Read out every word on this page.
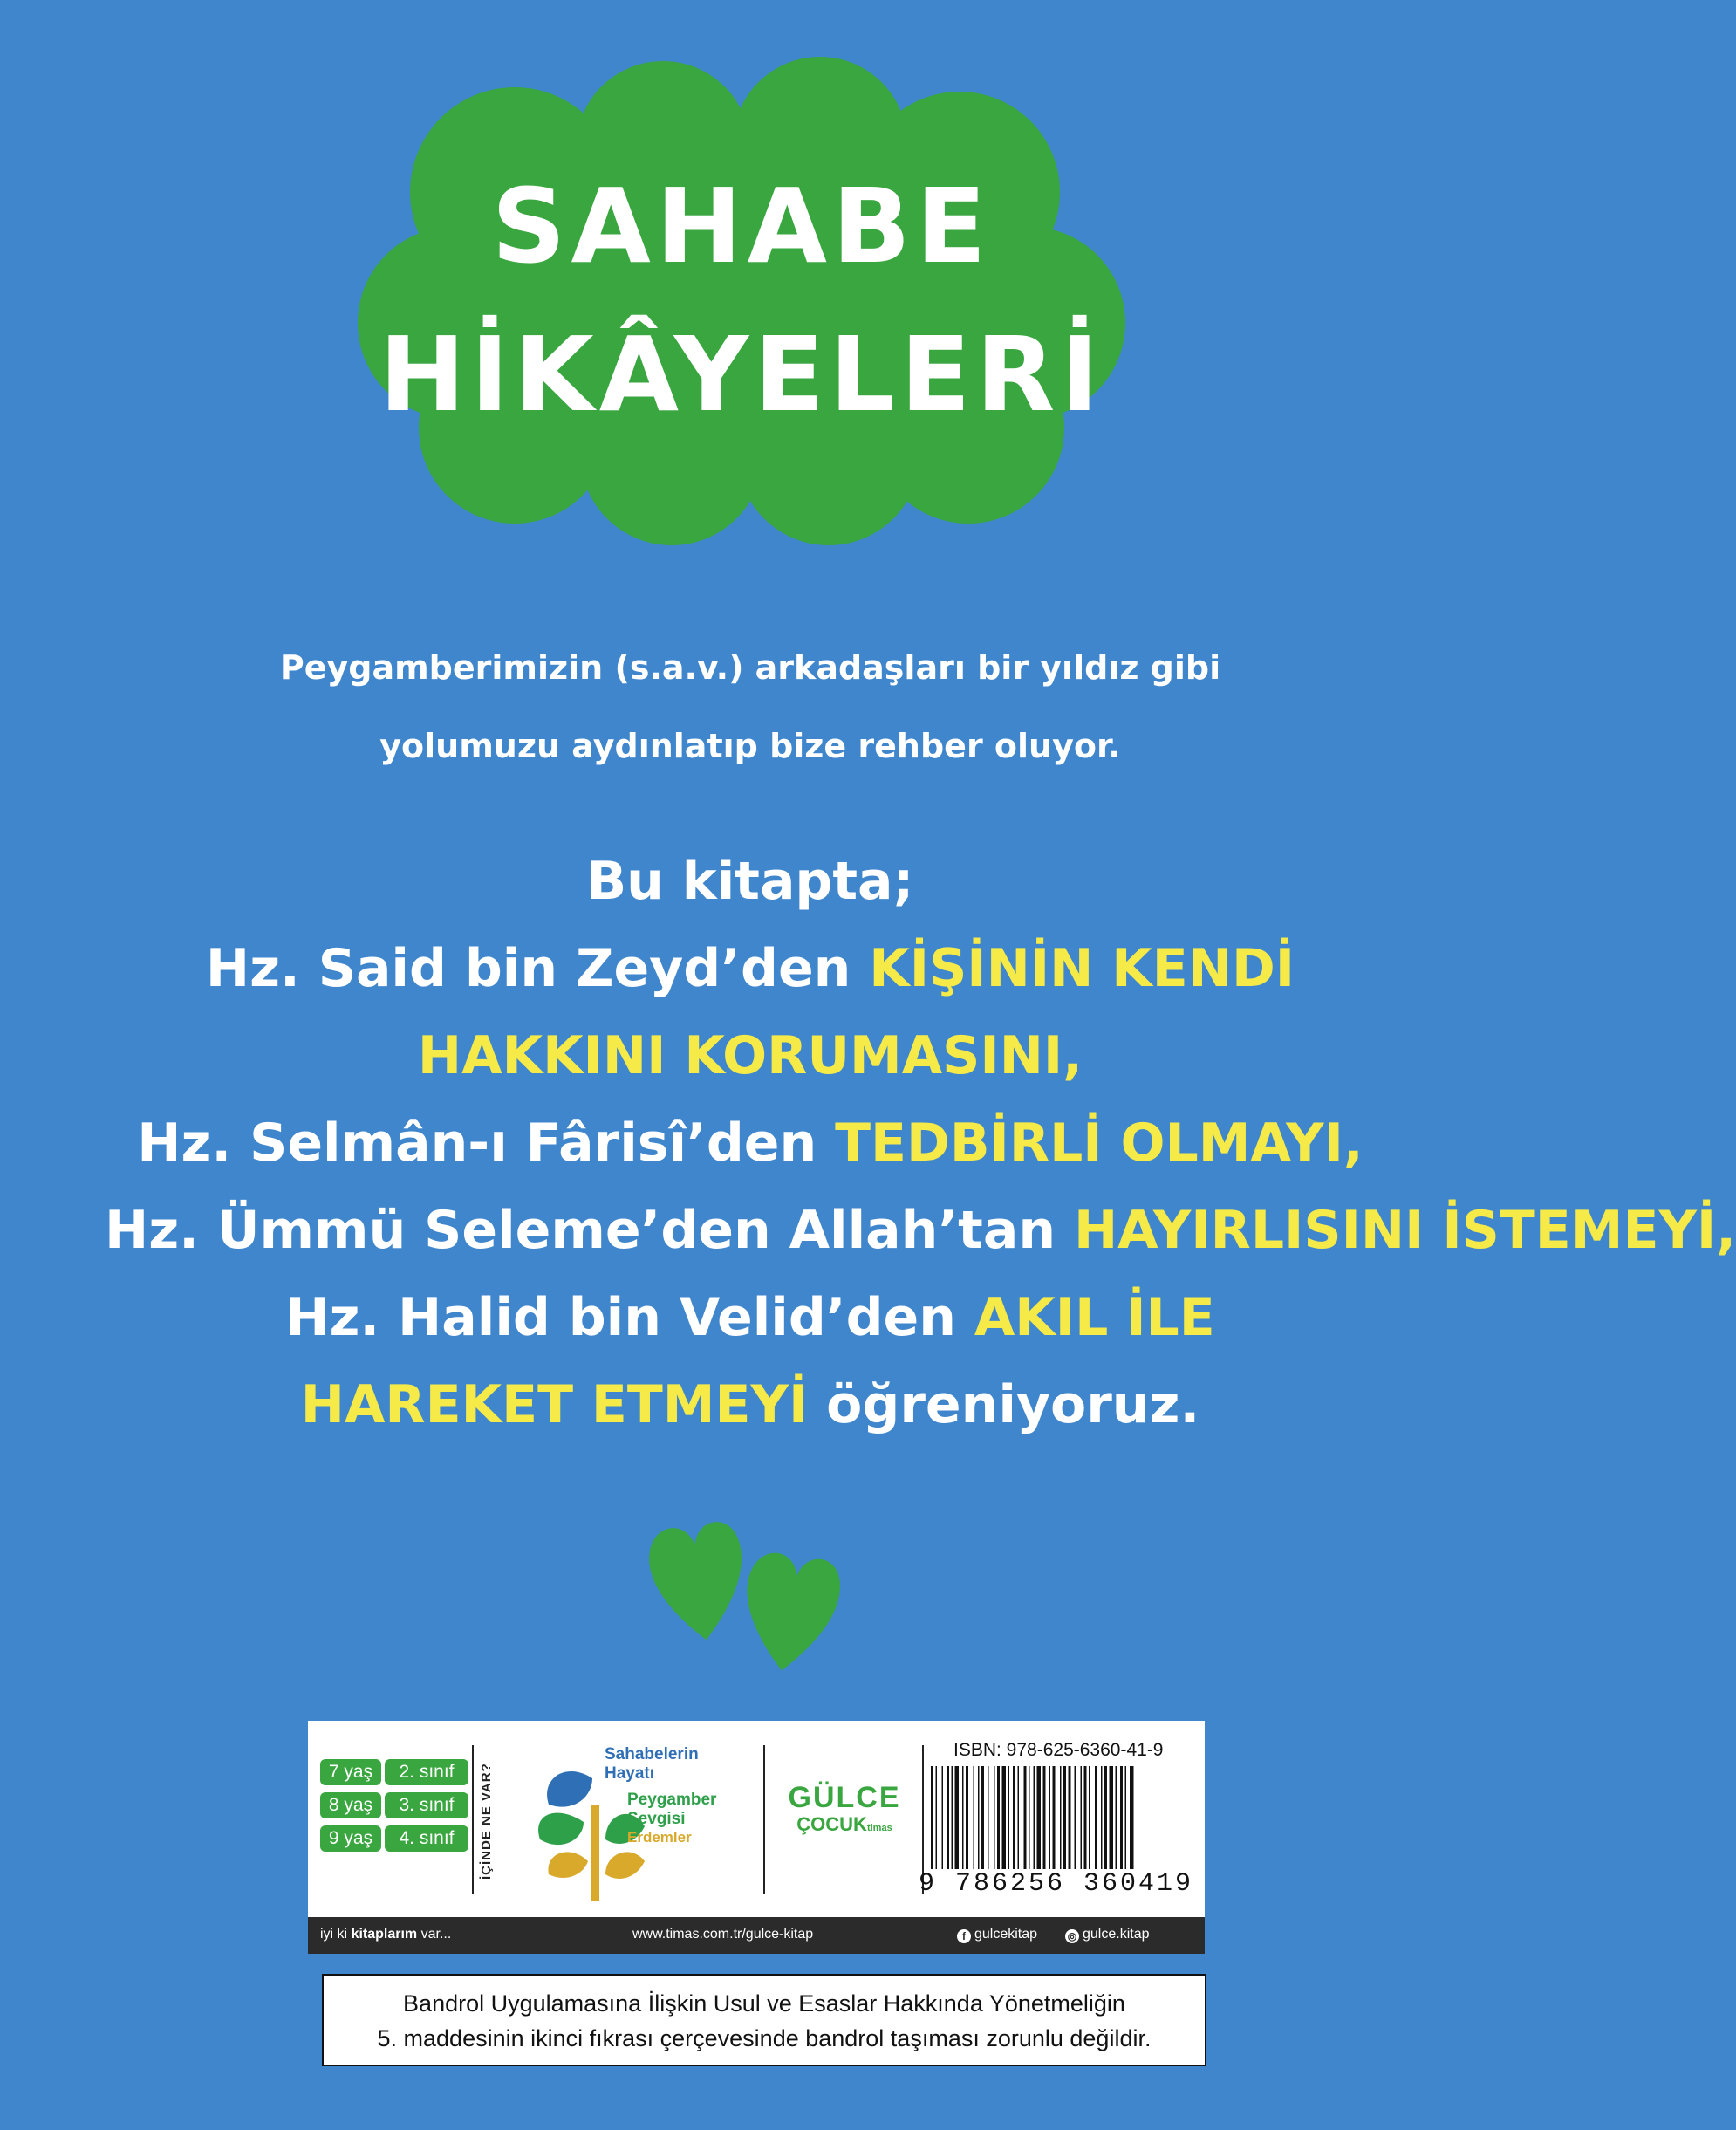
SAHABE
HİKÂYELERİ
Peygamberimizin (s.a.v.) arkadaşları bir yıldız gibi
yolumuzu aydınlatıp bize rehber oluyor.
Bu kitapta;
Hz. Said bin Zeyd’den KİŞİNİN KENDİ
HAKKINI KORUMASINI,
Hz. Selmân-ı Fârisî’den TEDBİRLİ OLMAYI,
Hz. Ümmü Seleme’den Allah’tan HAYIRLISINI İSTEMEYİ,
Hz. Halid bin Velid’den AKIL İLE
HAREKET ETMEYİ öğreniyoruz.
7 yaş	2. sınıf
8 yaş	3. sınıf
9 yaş	4. sınıf	İÇİNDE NE VAR?
Sahabelerin Hayatı
Peygamber Sevgisi
Erdemler
GÜLCE
ÇOCUKtimas
ISBN: 978-625-6360-41-9
9 786256 360419
iyi ki kitaplarım var...	www.timas.com.tr/gulce-kitap	f gulcekitap	◎ gulce.kitap
Bandrol Uygulamasına İlişkin Usul ve Esaslar Hakkında Yönetmeliğin
5. maddesinin ikinci fıkrası çerçevesinde bandrol taşıması zorunlu değildir.
